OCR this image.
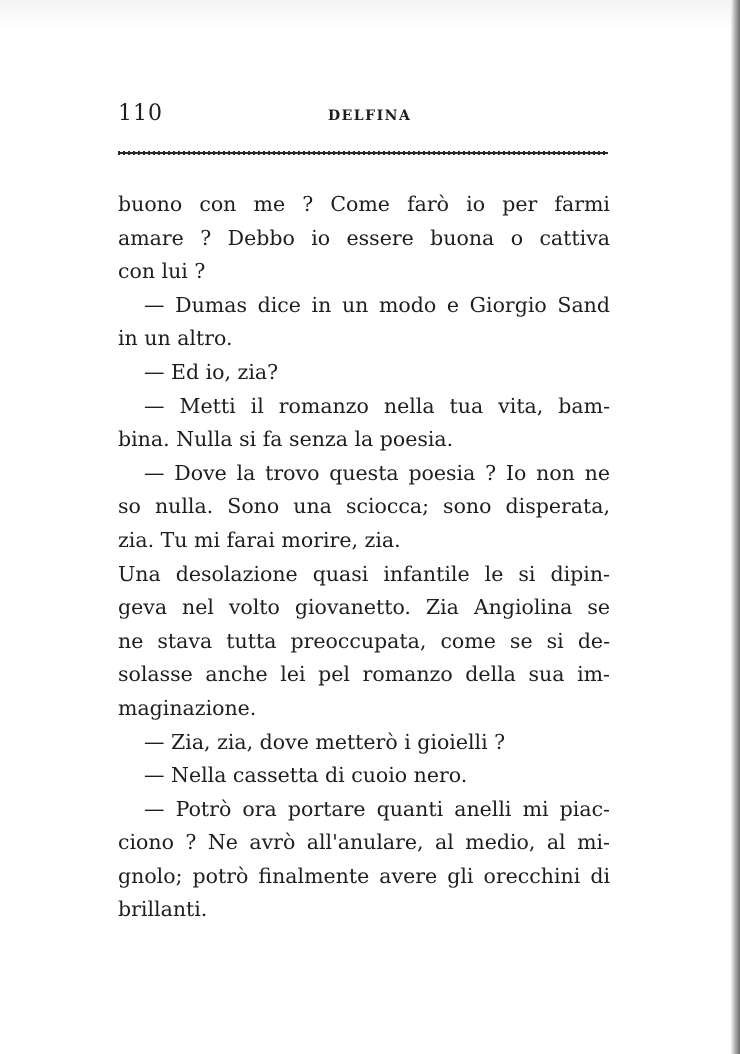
110	DELFINA
buono con me ? Come farò io per farmi
amare ? Debbo io essere buona o cattiva
con lui ?
— Dumas dice in un modo e Giorgio Sand
in un altro.
— Ed io, zia?
— Metti il romanzo nella tua vita, bam-
bina. Nulla si fa senza la poesia.
— Dove la trovo questa poesia ? Io non ne
so nulla. Sono una sciocca; sono disperata,
zia. Tu mi farai morire, zia.
Una desolazione quasi infantile le si dipin-
geva nel volto giovanetto. Zia Angiolina se
ne stava tutta preoccupata, come se si de-
solasse anche lei pel romanzo della sua im-
maginazione.
— Zia, zia, dove metterò i gioielli ?
— Nella cassetta di cuoio nero.
— Potrò ora portare quanti anelli mi piac-
ciono ? Ne avrò all'anulare, al medio, al mi-
gnolo; potrò finalmente avere gli orecchini di
brillanti.
